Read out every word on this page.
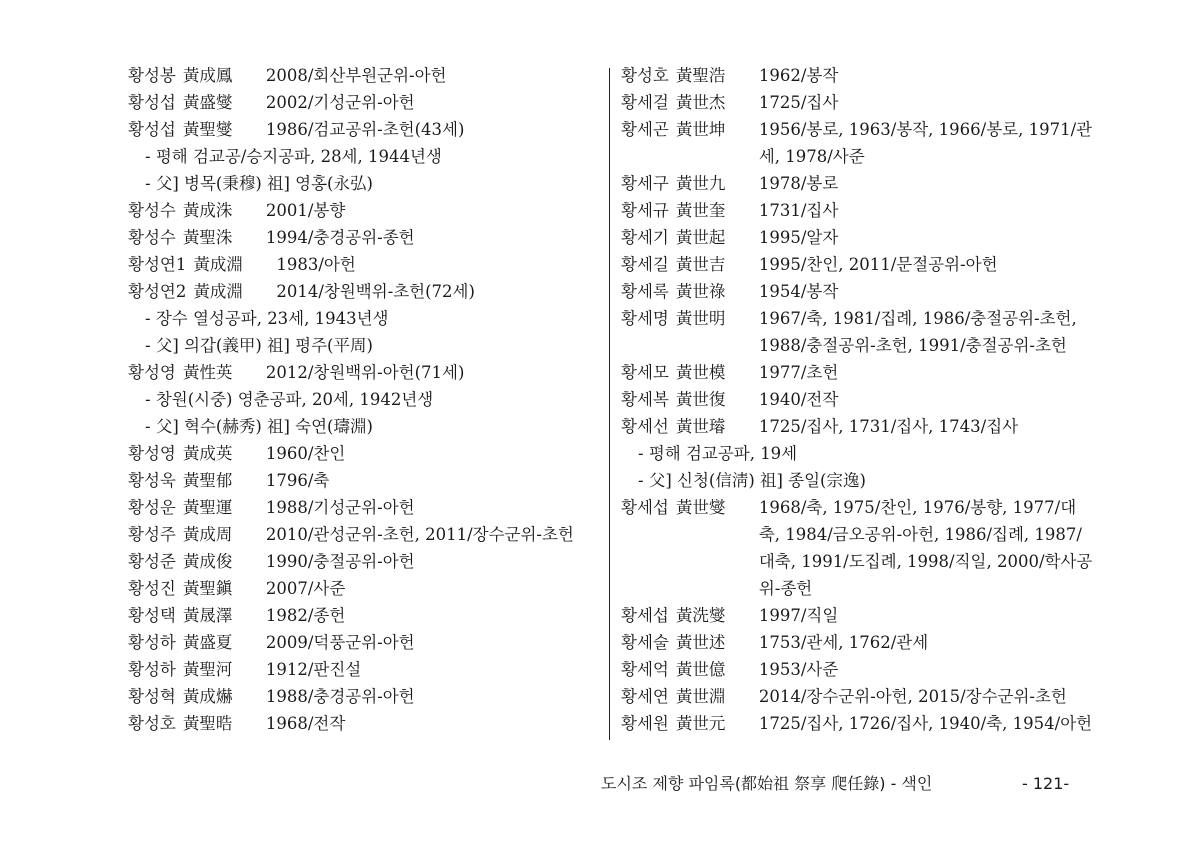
황성봉 黃成鳳	2008/회산부원군위-아헌
황성섭 黃盛燮	2002/기성군위-아헌
황성섭 黃聖燮	1986/검교공위-초헌(43세)
- 평해 검교공/승지공파, 28세, 1944년생
- 父] 병목(秉穆) 祖] 영홍(永弘)
황성수 黃成洙	2001/봉향
황성수 黃聖洙	1994/충경공위-종헌
황성연1 黃成淵	1983/아헌
황성연2 黃成淵	2014/창원백위-초헌(72세)
- 장수 열성공파, 23세, 1943년생
- 父] 의갑(義甲) 祖] 평주(平周)
황성영 黃性英	2012/창원백위-아헌(71세)
- 창원(시중) 영춘공파, 20세, 1942년생
- 父] 혁수(赫秀) 祖] 숙연(璹淵)
황성영 黃成英	1960/찬인
황성욱 黃聖郁	1796/축
황성운 黃聖運	1988/기성군위-아헌
황성주 黃成周	2010/관성군위-초헌, 2011/장수군위-초헌
황성준 黃成俊	1990/충절공위-아헌
황성진 黃聖鎭	2007/사준
황성택 黃晟澤	1982/종헌
황성하 黃盛夏	2009/덕풍군위-아헌
황성하 黃聖河	1912/판진설
황성혁 黃成爀	1988/충경공위-아헌
황성호 黃聖晧	1968/전작
황성호 黃聖浩	1962/봉작
황세걸 黃世杰	1725/집사
황세곤 黃世坤	1956/봉로, 1963/봉작, 1966/봉로, 1971/관세, 1978/사준
황세구 黃世九	1978/봉로
황세규 黃世奎	1731/집사
황세기 黃世起	1995/알자
황세길 黃世吉	1995/찬인, 2011/문절공위-아헌
황세록 黃世祿	1954/봉작
황세명 黃世明	1967/축, 1981/집례, 1986/충절공위-초헌, 1988/충절공위-초헌, 1991/충절공위-초헌
황세모 黃世模	1977/초헌
황세복 黃世復	1940/전작
황세선 黃世璿	1725/집사, 1731/집사, 1743/집사
- 평해 검교공파, 19세
- 父] 신청(信淸) 祖] 종일(宗逸)
황세섭 黃世燮	1968/축, 1975/찬인, 1976/봉향, 1977/대축, 1984/금오공위-아헌, 1986/집례, 1987/대축, 1991/도집례, 1998/직일, 2000/학사공위-종헌
황세섭 黃洗燮	1997/직일
황세술 黃世述	1753/관세, 1762/관세
황세억 黃世億	1953/사준
황세연 黃世淵	2014/장수군위-아헌, 2015/장수군위-초헌
황세원 黃世元	1725/집사, 1726/집사, 1940/축, 1954/아헌
도시조 제향 파임록(都始祖 祭享 爬任錄) - 색인	- 121-
